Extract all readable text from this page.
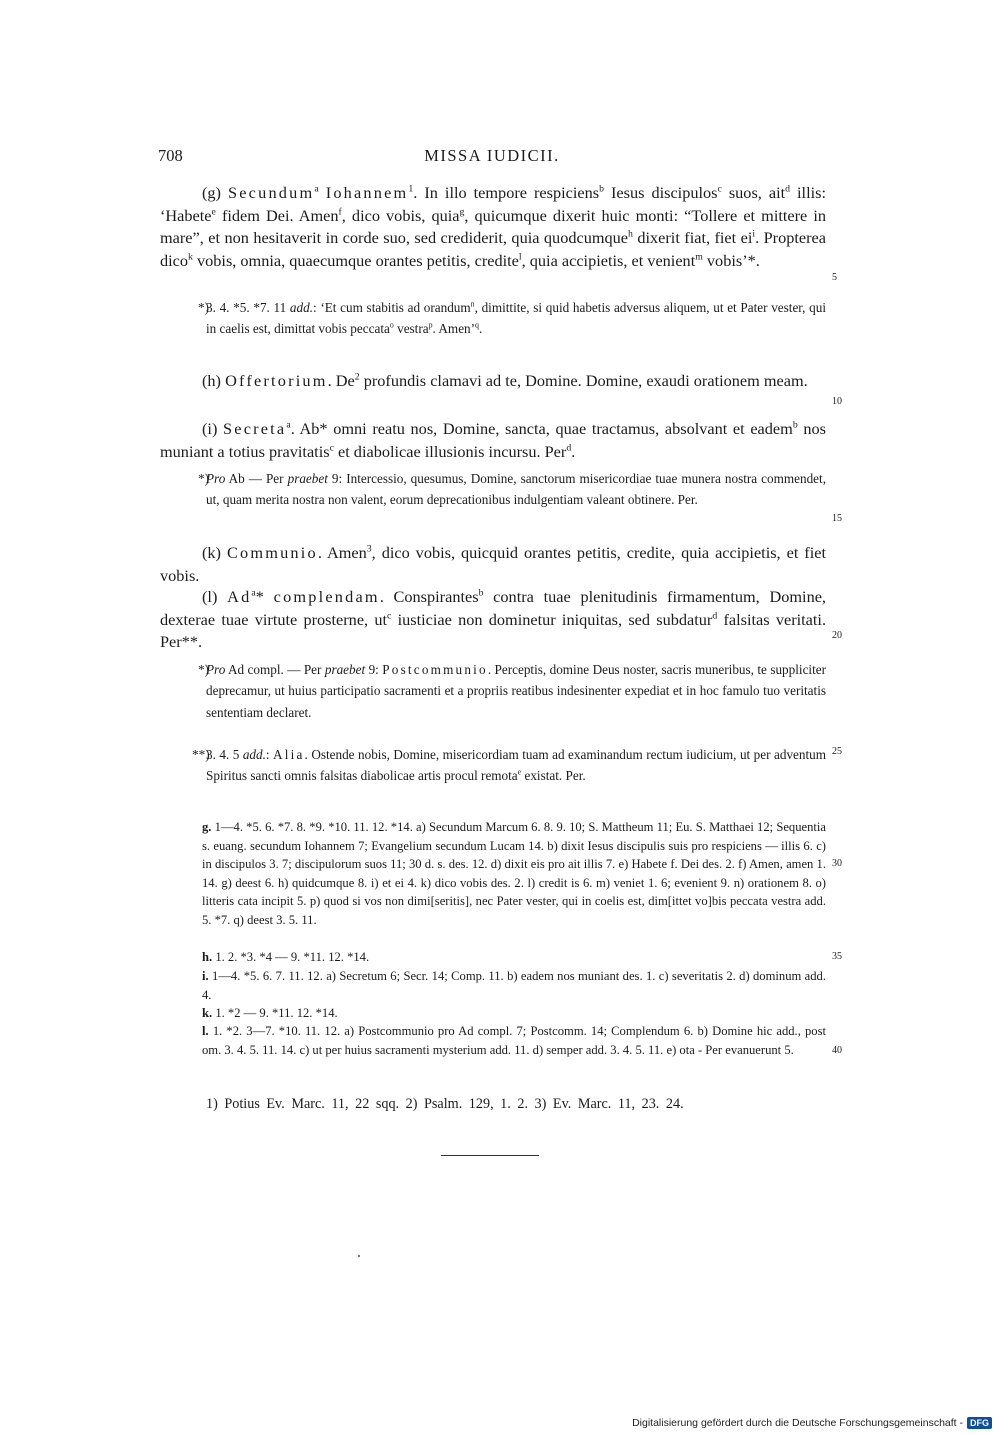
708	MISSA IUDICII.

(g) Secundum$^a$ Iohannem$^1$. In illo tempore respiciens$^b$ Iesus discipulos$^c$ suos, ait$^d$ illis: ‘Habete$^e$ fidem Dei. Amen$^f$, dico vobis, quia$^g$, quicumque dixerit huic monti: “Tollere et mittere in mare”, et non hesitaverit in corde suo, sed crediderit, quia quodcumque$^h$ dixerit fiat, fiet $ei^i$. Propterea dico$^k$ vobis, omnia, quaecumque orantes petitis, credite$^l$, quia accipietis, et venient$^m$ vobis’*.

*)
3. 4. *5. *7. 11 add.: ‘Et cum stabitis ad orandum$^n$, dimittite, si quid habetis adversus aliquem, ut et Pater vester, qui in caelis est, dimittat vobis peccata$^o$ vestra$^p$. Amen’$^q$.

(h) Offertorium. De$^2$ profundis clamavi ad te, Domine. Domine, exaudi orationem meam.

(i) Secreta$^a$. Ab* omni reatu nos, Domine, sancta, quae tractamus, absolvant et eadem$^b$ nos muniant a totius pravitatis$^c$ et diabolicae illusionis incursu. Per$^d$.

*)
Pro Ab — Per praebet 9: Intercessio, quesumus, Domine, sanctorum misericordiae tuae munera nostra commendet, ut, quam merita nostra non valent, eorum deprecationibus indulgentiam valeant obtinere. Per.

(k) Communio. Amen$^3$, dico vobis, quicquid orantes petitis, credite, quia accipietis, et fiet vobis.

(l) Ad$^a$* complendam. Conspirantes$^b$ contra tuae plenitudinis firmamentum, Domine, dexterae tuae virtute prosterne, $ut^c$ iusticiae non dominetur iniquitas, sed subdatur$^d$ falsitas veritati. Per**.

*)
Pro Ad compl. — Per praebet 9: Postcommunio. Perceptis, domine Deus noster, sacris muneribus, te suppliciter deprecamur, ut huius participatio sacramenti et a propriis reatibus indesinenter expediat et in hoc famulo tuo veritatis sententiam declaret.
**)
3. 4. 5 add.: Alia. Ostende nobis, Domine, misericordiam tuam ad examinandum rectum iudicium, ut per adventum Spiritus sancti omnis falsitas diabolicae artis procul remota$^e$ existat. Per.
g. 1—4. *5. 6. *7. 8. *9. *10. 11. 12. *14. a) Secundum Marcum 6. 8. 9. 10; S. Mattheum 11; Eu. S. Matthaei 12; Sequentia s. euang. secundum Iohannem 7; Evangelium secundum Lucam 14. b) dixit Iesus discipulis suis pro respiciens — illis 6. c) in discipulos 3. 7; discipulorum suos 11; 30 d. s. des. 12. d) dixit eis pro ait illis 7. e) Habete f. Dei des. 2. f) Amen, amen 1. 14. g) deest 6. h) quidcumque 8. i) et ei 4. k) dico vobis des. 2. l) credit is 6. m) veniet 1. 6; evenient 9. n) orationem 8. o) litteris cata incipit 5. p) quod si vos non dimi[seritis], nec Pater vester, qui in coelis est, dim[ittet vo]bis peccata vestra add. 5. *7. q) deest 3. 5. 11.
h. 1. 2. *3. *4 — 9. *11. 12. *14.
i. 1—4. *5. 6. 7. 11. 12. a) Secretum 6; Secr. 14; Comp. 11. b) eadem nos muniant des. 1. c) severitatis 2. d) dominum add. 4.
k. 1. *2 — 9. *11. 12. *14.
l. 1. *2. 3—7. *10. 11. 12. a) Postcommunio pro Ad compl. 7; Postcomm. 14; Complendum 6. b) Domine hic add., post om. 3. 4. 5. 11. 14. c) ut per huius sacramenti mysterium add. 11. d) semper add. 3. 4. 5. 11. e) ota - Per evanuerunt 5.
1) Potius Ev. Marc. 11, 22 sqq. 2) Psalm. 129, 1. 2. 3) Ev. Marc. 11, 23. 24.
5
10
15
20
25
30
35
40
Digitalisierung gefördert durch die Deutsche Forschungsgemeinschaft - DFG
